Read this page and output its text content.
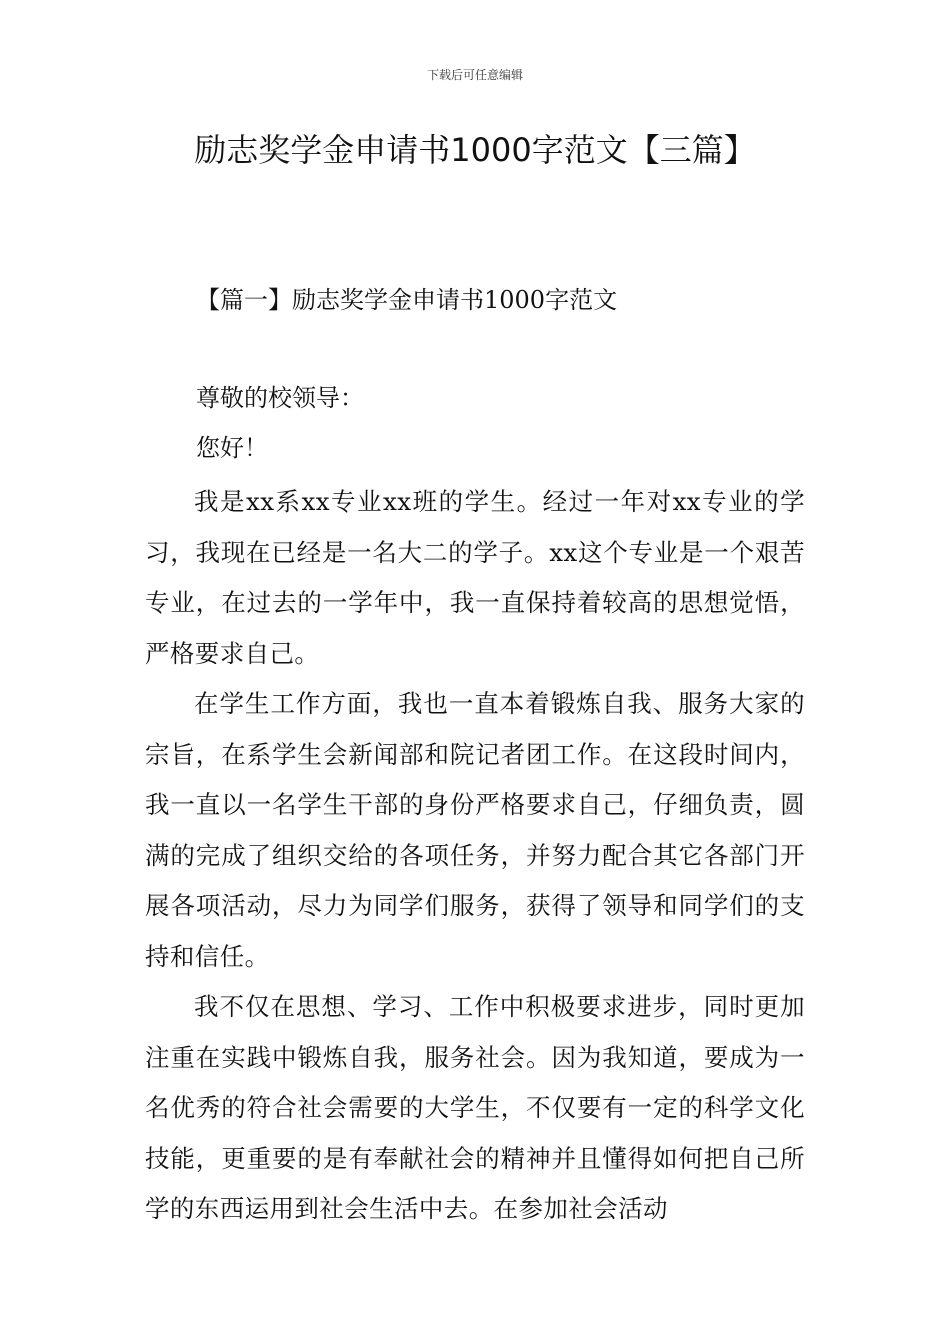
下载后可任意编辑
励志奖学金申请书1000字范文【三篇】
【篇一】励志奖学金申请书1000字范文

尊敬的校领导：

您好！

我是xx系xx专业xx班的学生。经过一年对xx专业的学习，我现在已经是一名大二的学子。xx这个专业是一个艰苦专业，在过去的一学年中，我一直保持着较高的思想觉悟，严格要求自己。

在学生工作方面，我也一直本着锻炼自我、服务大家的宗旨，在系学生会新闻部和院记者团工作。在这段时间内，我一直以一名学生干部的身份严格要求自己，仔细负责，圆满的完成了组织交给的各项任务，并努力配合其它各部门开展各项活动，尽力为同学们服务，获得了领导和同学们的支持和信任。

我不仅在思想、学习、工作中积极要求进步，同时更加注重在实践中锻炼自我，服务社会。因为我知道，要成为一名优秀的符合社会需要的大学生，不仅要有一定的科学文化技能，更重要的是有奉献社会的精神并且懂得如何把自己所学的东西运用到社会生活中去。在参加社会活动
